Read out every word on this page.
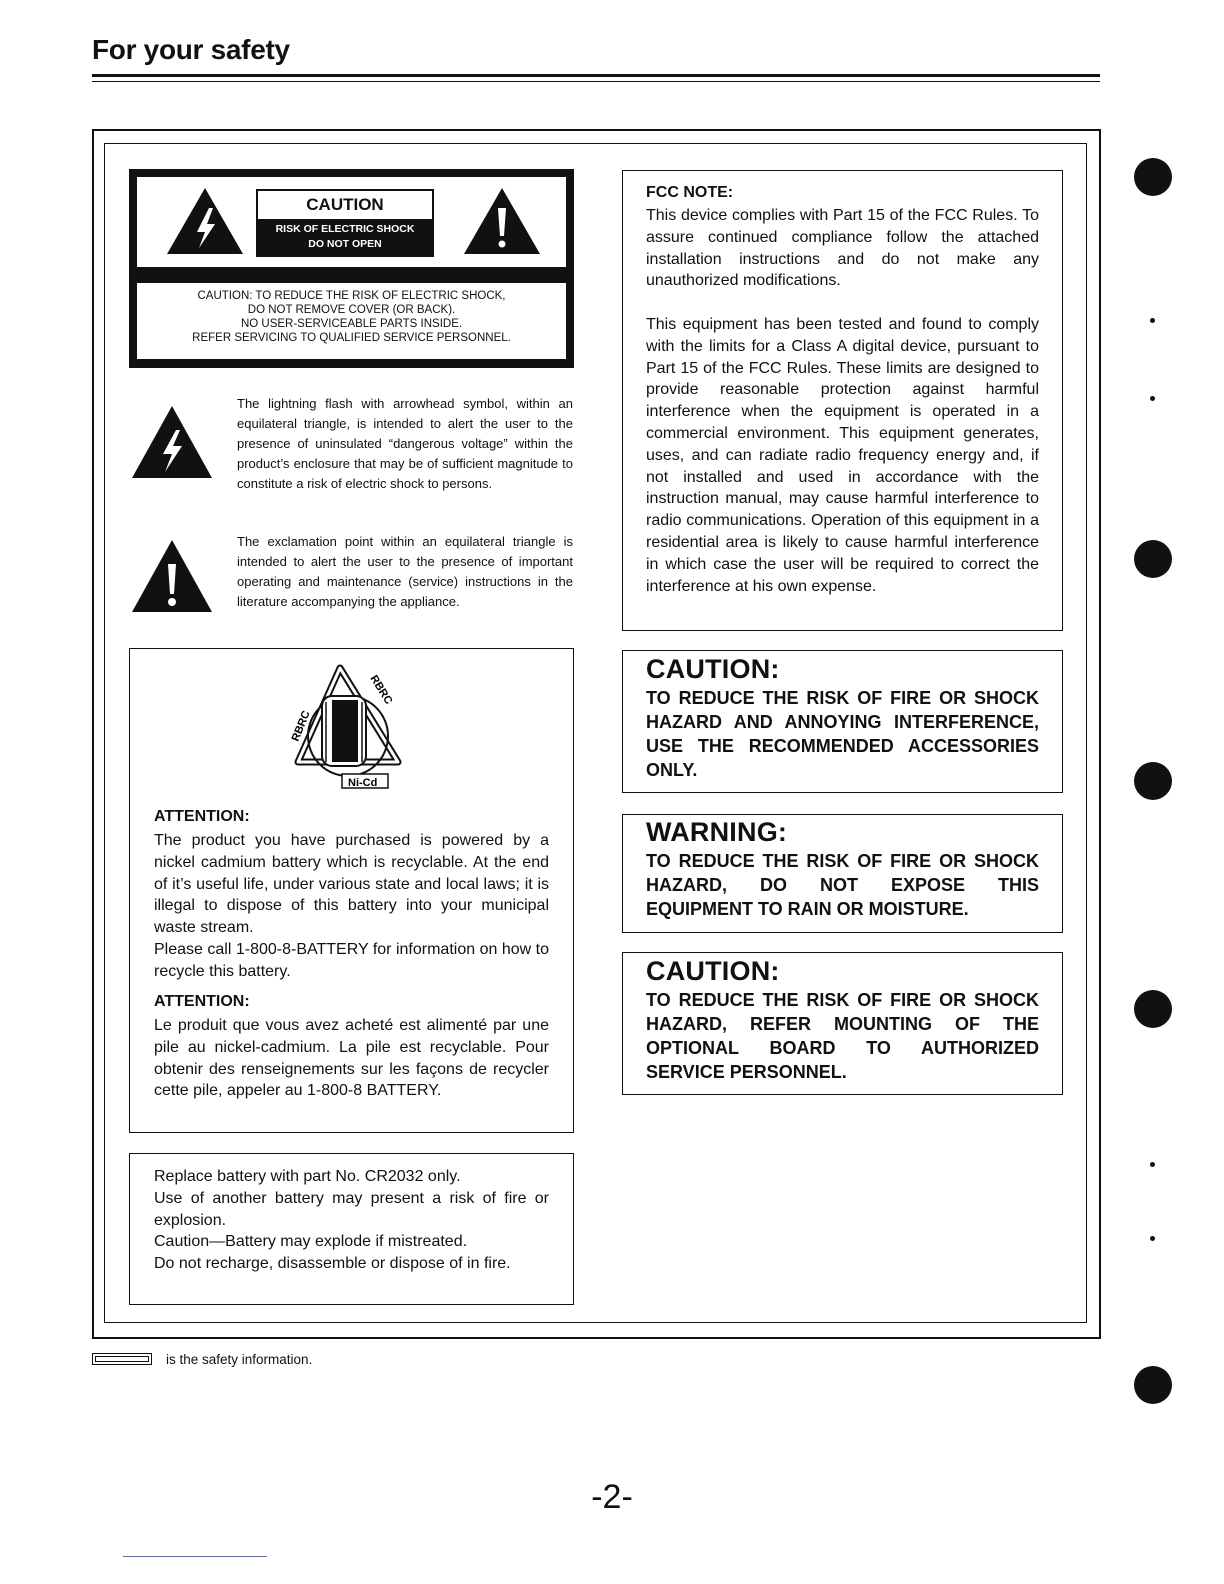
For your safety
CAUTION
RISK OF ELECTRIC SHOCK
DO NOT OPEN
CAUTION: TO REDUCE THE RISK OF ELECTRIC SHOCK,
DO NOT REMOVE COVER (OR BACK).
NO USER-SERVICEABLE PARTS INSIDE.
REFER SERVICING TO QUALIFIED SERVICE PERSONNEL.
The lightning flash with arrowhead symbol, within an equilateral triangle, is intended to alert the user to the presence of uninsulated “dangerous voltage” within the product’s enclosure that may be of sufficient magnitude to constitute a risk of electric shock to persons.
The exclamation point within an equilateral triangle is intended to alert the user to the presence of important operating and maintenance (service) instructions in the literature accompanying the appliance.
RBRC
RBRC
Ni-Cd
ATTENTION:
The product you have purchased is powered by a nickel cadmium battery which is recyclable. At the end of it’s useful life, under various state and local laws; it is illegal to dispose of this battery into your municipal waste stream.
Please call 1-800-8-BATTERY for information on how to recycle this battery.
ATTENTION:
Le produit que vous avez acheté est alimenté par une pile au nickel-cadmium. La pile est recyclable. Pour obtenir des renseignements sur les façons de recycler cette pile, appeler au 1-800-8 BATTERY.
Replace battery with part No. CR2032 only.
Use of another battery may present a risk of fire or explosion.
Caution—Battery may explode if mistreated.
Do not recharge, disassemble or dispose of in fire.
FCC NOTE:
This device complies with Part 15 of the FCC Rules. To assure continued compliance follow the attached installation instructions and do not make any unauthorized modifications.
This equipment has been tested and found to comply with the limits for a Class A digital device, pursuant to Part 15 of the FCC Rules. These limits are designed to provide reasonable protection against harmful interference when the equipment is operated in a commercial environment. This equipment generates, uses, and can radiate radio frequency energy and, if not installed and used in accordance with the instruction manual, may cause harmful interference to radio communications. Operation of this equipment in a residential area is likely to cause harmful interference in which case the user will be required to correct the interference at his own expense.
CAUTION:
TO REDUCE THE RISK OF FIRE OR SHOCK HAZARD AND ANNOYING INTERFERENCE, USE THE RECOMMENDED ACCESSORIES ONLY.
WARNING:
TO REDUCE THE RISK OF FIRE OR SHOCK HAZARD, DO NOT EXPOSE THIS EQUIPMENT TO RAIN OR MOISTURE.
CAUTION:
TO REDUCE THE RISK OF FIRE OR SHOCK HAZARD, REFER MOUNTING OF THE OPTIONAL BOARD TO AUTHORIZED SERVICE PERSONNEL.
is the safety information.
-2-
